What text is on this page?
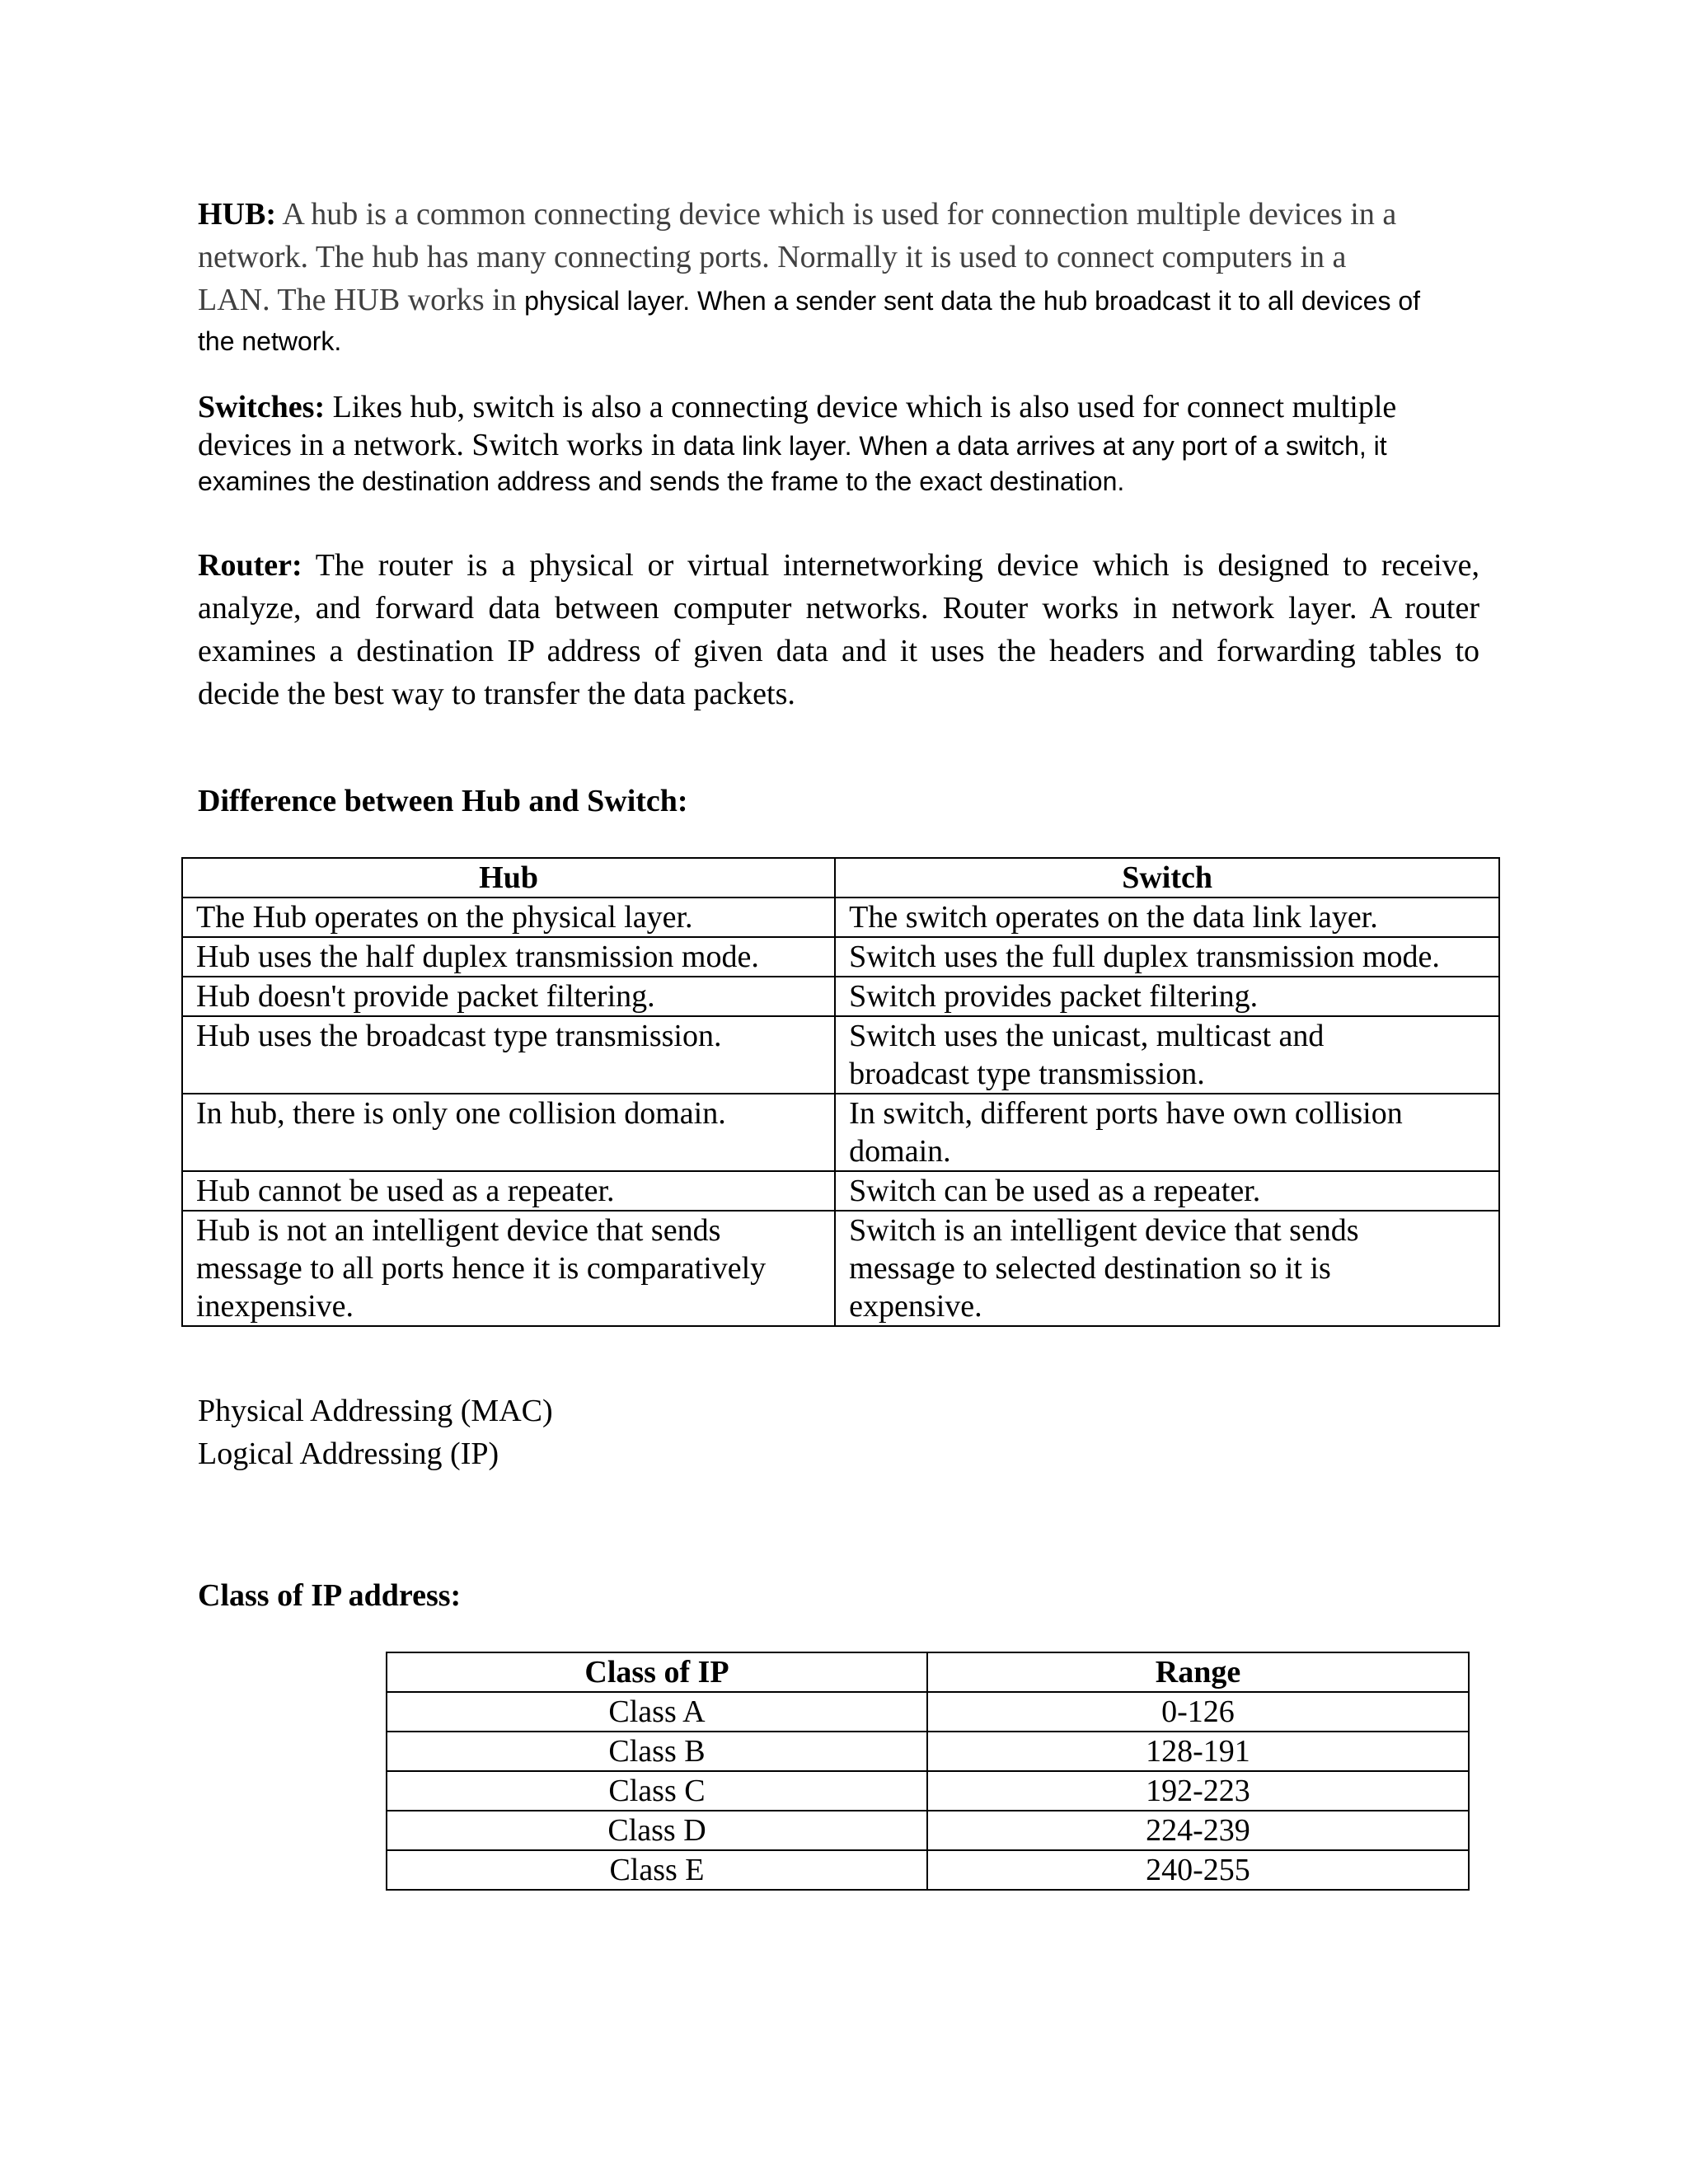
HUB: A hub is a common connecting device which is used for connection multiple devices in a
network. The hub has many connecting ports. Normally it is used to connect computers in a
LAN. The HUB works in physical layer. When a sender sent data the hub broadcast it to all devices of
the network.
Switches: Likes hub, switch is also a connecting device which is also used for connect multiple
devices in a network. Switch works in data link layer. When a data arrives at any port of a switch, it
examines the destination address and sends the frame to the exact destination.
Router: The router is a physical or virtual internetworking device which is designed to receive,
analyze, and forward data between computer networks. Router works in network layer. A router
examines a destination IP address of given data and it uses the headers and forwarding tables to
decide the best way to transfer the data packets.
Difference between Hub and Switch:
Hub	Switch
The Hub operates on the physical layer.	The switch operates on the data link layer.
Hub uses the half duplex transmission mode.	Switch uses the full duplex transmission mode.
Hub doesn't provide packet filtering.	Switch provides packet filtering.
Hub uses the broadcast type transmission.	Switch uses the unicast, multicast and broadcast type transmission.
In hub, there is only one collision domain.	In switch, different ports have own collision domain.
Hub cannot be used as a repeater.	Switch can be used as a repeater.
Hub is not an intelligent device that sends message to all ports hence it is comparatively inexpensive.	Switch is an intelligent device that sends message to selected destination so it is expensive.
Physical Addressing (MAC)
Logical Addressing (IP)
Class of IP address:
Class of IP	Range
Class A	0-126
Class B	128-191
Class C	192-223
Class D	224-239
Class E	240-255
